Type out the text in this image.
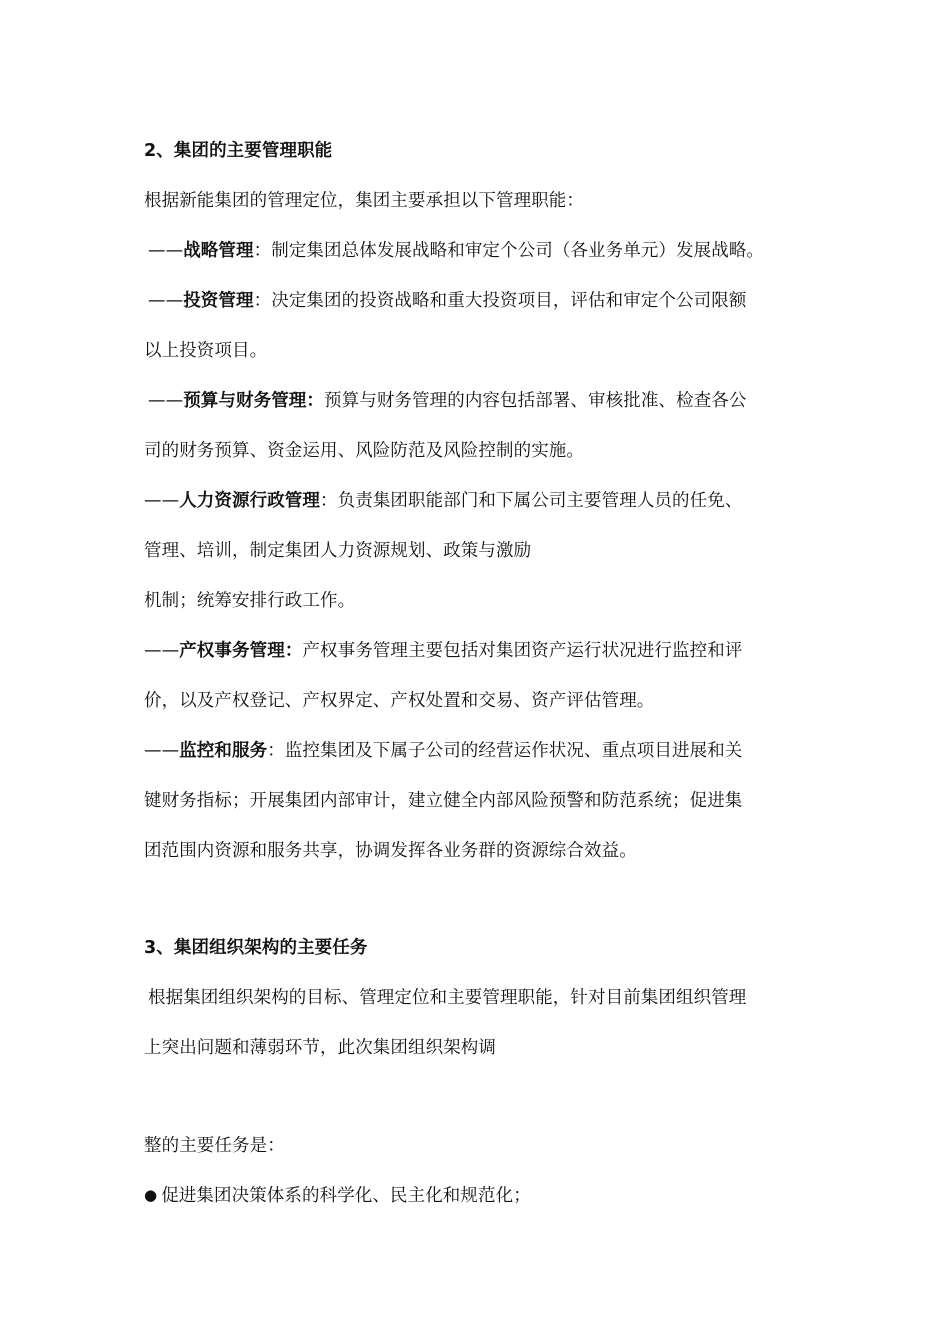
2、集团的主要管理职能
根据新能集团的管理定位，集团主要承担以下管理职能：
——战略管理：制定集团总体发展战略和审定个公司（各业务单元）发展战略。
——投资管理：决定集团的投资战略和重大投资项目，评估和审定个公司限额
以上投资项目。
——预算与财务管理：预算与财务管理的内容包括部署、审核批准、检查各公
司的财务预算、资金运用、风险防范及风险控制的实施。
——人力资源行政管理：负责集团职能部门和下属公司主要管理人员的任免、
管理、培训，制定集团人力资源规划、政策与激励
机制；统筹安排行政工作。
——产权事务管理：产权事务管理主要包括对集团资产运行状况进行监控和评
价，以及产权登记、产权界定、产权处置和交易、资产评估管理。
——监控和服务：监控集团及下属子公司的经营运作状况、重点项目进展和关
键财务指标；开展集团内部审计，建立健全内部风险预警和防范系统；促进集
团范围内资源和服务共享，协调发挥各业务群的资源综合效益。
3、集团组织架构的主要任务
根据集团组织架构的目标、管理定位和主要管理职能，针对目前集团组织管理
上突出问题和薄弱环节，此次集团组织架构调
整的主要任务是：
● 促进集团决策体系的科学化、民主化和规范化；
